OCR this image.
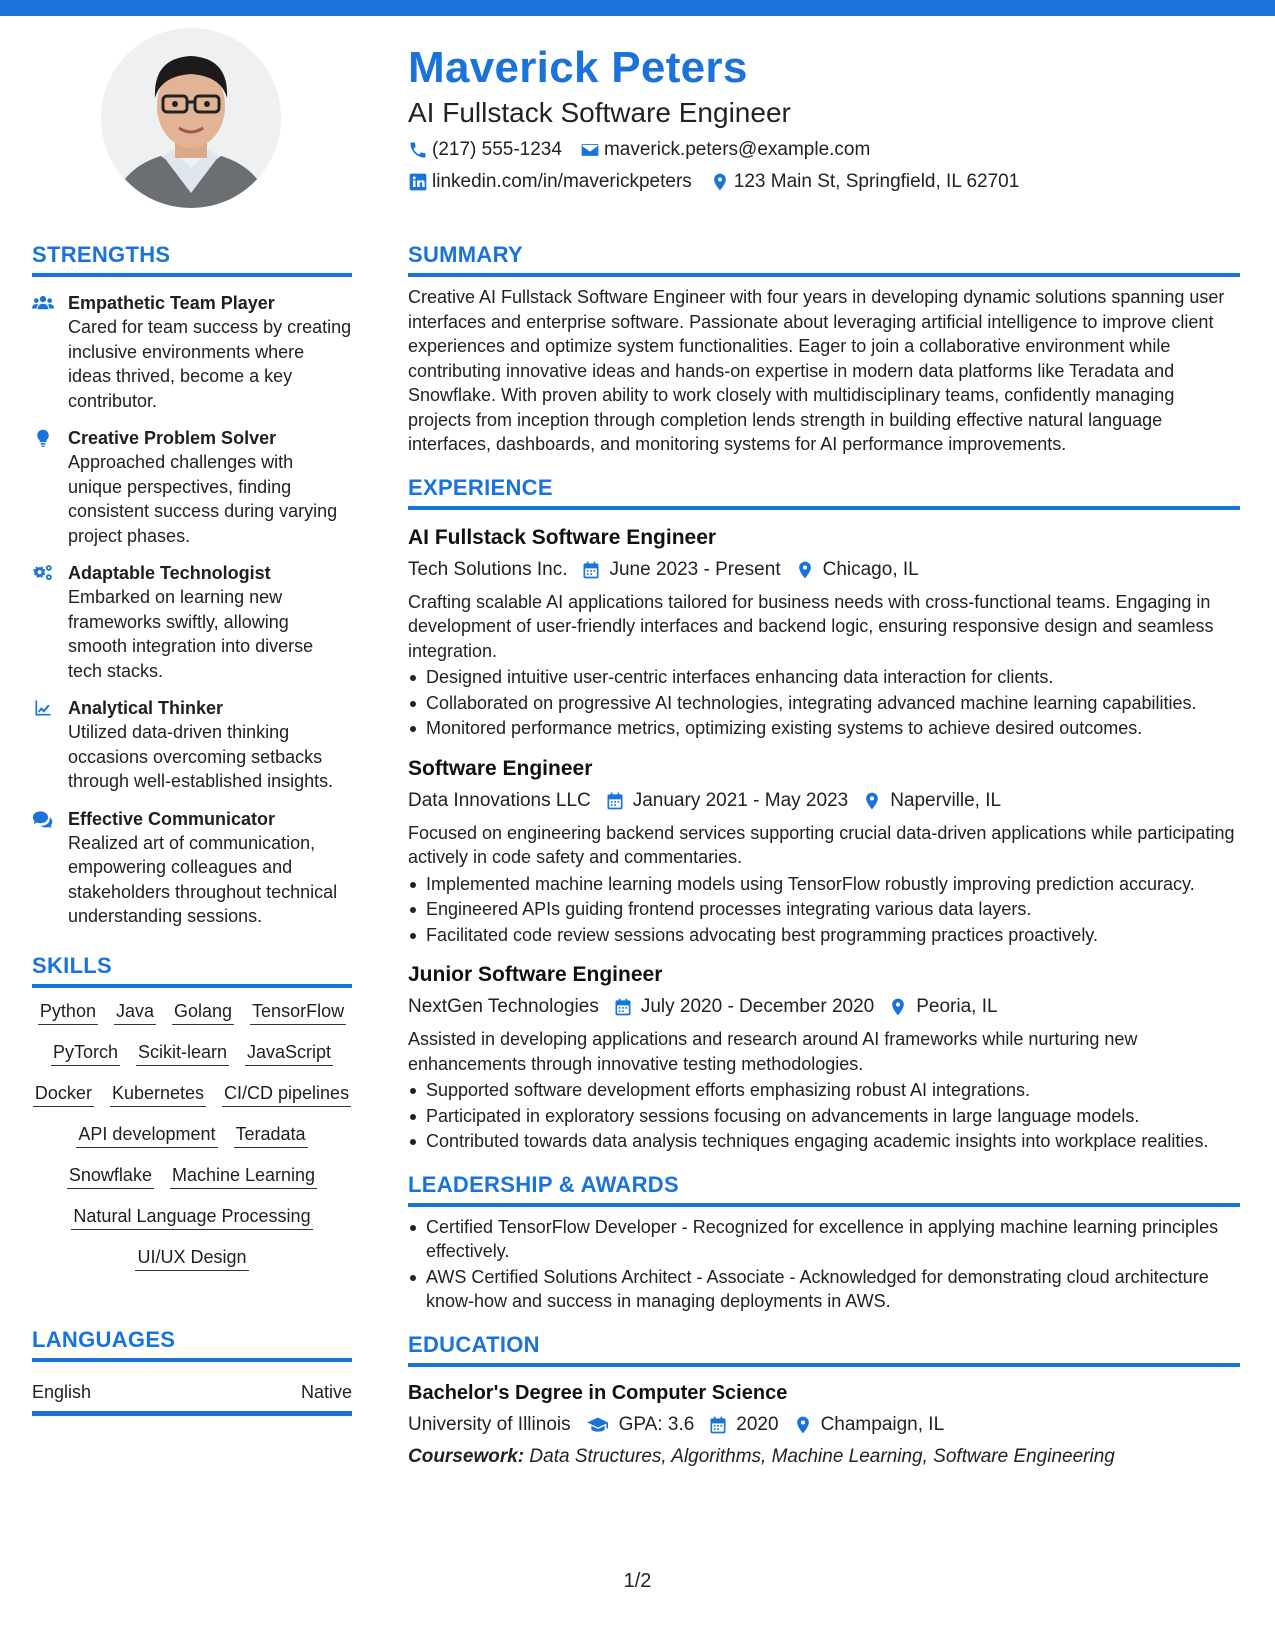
Maverick Peters
AI Fullstack Software Engineer
(217) 555-1234 maverick.peters@example.com
linkedin.com/in/maverickpeters 123 Main St, Springfield, IL 62701
STRENGTHS
Empathetic Team Player
Cared for team success by creating inclusive environments where ideas thrived, become a key contributor.
Creative Problem Solver
Approached challenges with unique perspectives, finding consistent success during varying project phases.
Adaptable Technologist
Embarked on learning new frameworks swiftly, allowing smooth integration into diverse tech stacks.
Analytical Thinker
Utilized data-driven thinking occasions overcoming setbacks through well-established insights.
Effective Communicator
Realized art of communication, empowering colleagues and stakeholders throughout technical understanding sessions.
SKILLS
Python Java Golang TensorFlow
PyTorch Scikit-learn JavaScript
Docker Kubernetes CI/CD pipelines
API development Teradata
Snowflake Machine Learning
Natural Language Processing
UI/UX Design
LANGUAGES
English	Native
SUMMARY
Creative AI Fullstack Software Engineer with four years in developing dynamic solutions spanning user interfaces and enterprise software. Passionate about leveraging artificial intelligence to improve client experiences and optimize system functionalities. Eager to join a collaborative environment while contributing innovative ideas and hands-on expertise in modern data platforms like Teradata and Snowflake. With proven ability to work closely with multidisciplinary teams, confidently managing projects from inception through completion lends strength in building effective natural language interfaces, dashboards, and monitoring systems for AI performance improvements.
EXPERIENCE
AI Fullstack Software Engineer
Tech Solutions Inc. June 2023 - Present Chicago, IL
Crafting scalable AI applications tailored for business needs with cross-functional teams. Engaging in development of user-friendly interfaces and backend logic, ensuring responsive design and seamless integration.
Designed intuitive user-centric interfaces enhancing data interaction for clients.
Collaborated on progressive AI technologies, integrating advanced machine learning capabilities.
Monitored performance metrics, optimizing existing systems to achieve desired outcomes.
Software Engineer
Data Innovations LLC January 2021 - May 2023 Naperville, IL
Focused on engineering backend services supporting crucial data-driven applications while participating actively in code safety and commentaries.
Implemented machine learning models using TensorFlow robustly improving prediction accuracy.
Engineered APIs guiding frontend processes integrating various data layers.
Facilitated code review sessions advocating best programming practices proactively.
Junior Software Engineer
NextGen Technologies July 2020 - December 2020 Peoria, IL
Assisted in developing applications and research around AI frameworks while nurturing new enhancements through innovative testing methodologies.
Supported software development efforts emphasizing robust AI integrations.
Participated in exploratory sessions focusing on advancements in large language models.
Contributed towards data analysis techniques engaging academic insights into workplace realities.
LEADERSHIP & AWARDS
Certified TensorFlow Developer - Recognized for excellence in applying machine learning principles effectively.
AWS Certified Solutions Architect - Associate - Acknowledged for demonstrating cloud architecture know-how and success in managing deployments in AWS.
EDUCATION
Bachelor's Degree in Computer Science
University of Illinois	GPA: 3.6 2020 Champaign, IL
Coursework: Data Structures, Algorithms, Machine Learning, Software Engineering
1/2
